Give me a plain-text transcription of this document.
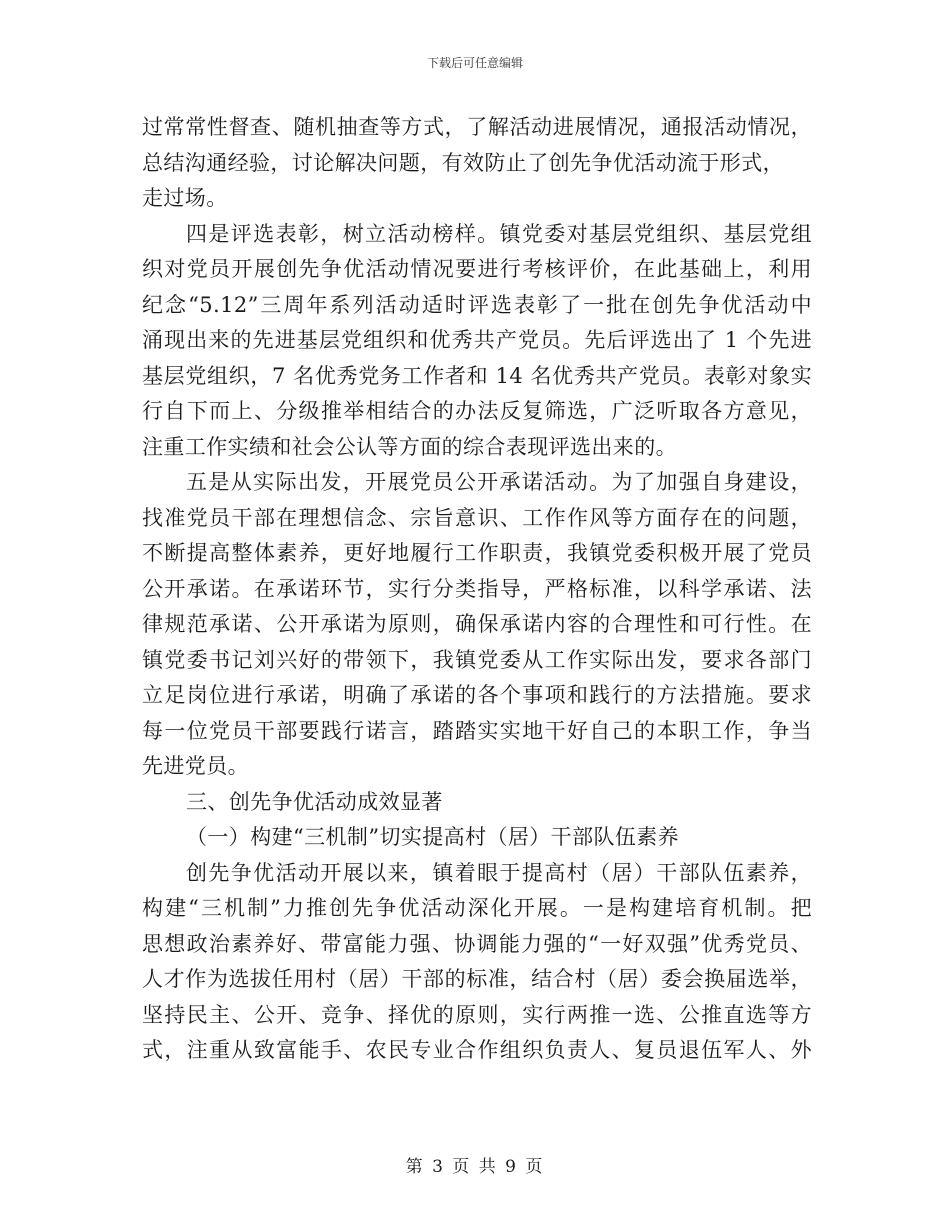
下载后可任意编辑
过常常性督查、随机抽查等方式，了解活动进展情况，通报活动情况，
总结沟通经验，讨论解决问题，有效防止了创先争优活动流于形式，
走过场。
四是评选表彰，树立活动榜样。镇党委对基层党组织、基层党组
织对党员开展创先争优活动情况要进行考核评价，在此基础上，利用
纪念“5.12”三周年系列活动适时评选表彰了一批在创先争优活动中
涌现出来的先进基层党组织和优秀共产党员。先后评选出了 1 个先进
基层党组织，7 名优秀党务工作者和 14 名优秀共产党员。表彰对象实
行自下而上、分级推举相结合的办法反复筛选，广泛听取各方意见，
注重工作实绩和社会公认等方面的综合表现评选出来的。
五是从实际出发，开展党员公开承诺活动。为了加强自身建设，
找准党员干部在理想信念、宗旨意识、工作作风等方面存在的问题，
不断提高整体素养，更好地履行工作职责，我镇党委积极开展了党员
公开承诺。在承诺环节，实行分类指导，严格标准，以科学承诺、法
律规范承诺、公开承诺为原则，确保承诺内容的合理性和可行性。在
镇党委书记刘兴好的带领下，我镇党委从工作实际出发，要求各部门
立足岗位进行承诺，明确了承诺的各个事项和践行的方法措施。要求
每一位党员干部要践行诺言，踏踏实实地干好自己的本职工作，争当
先进党员。
三、创先争优活动成效显著
（一）构建“三机制”切实提高村（居）干部队伍素养
创先争优活动开展以来，镇着眼于提高村（居）干部队伍素养，
构建“三机制”力推创先争优活动深化开展。一是构建培育机制。把
思想政治素养好、带富能力强、协调能力强的“一好双强”优秀党员、
人才作为选拔任用村（居）干部的标准，结合村（居）委会换届选举，
坚持民主、公开、竞争、择优的原则，实行两推一选、公推直选等方
式，注重从致富能手、农民专业合作组织负责人、复员退伍军人、外
第 3 页 共 9 页
